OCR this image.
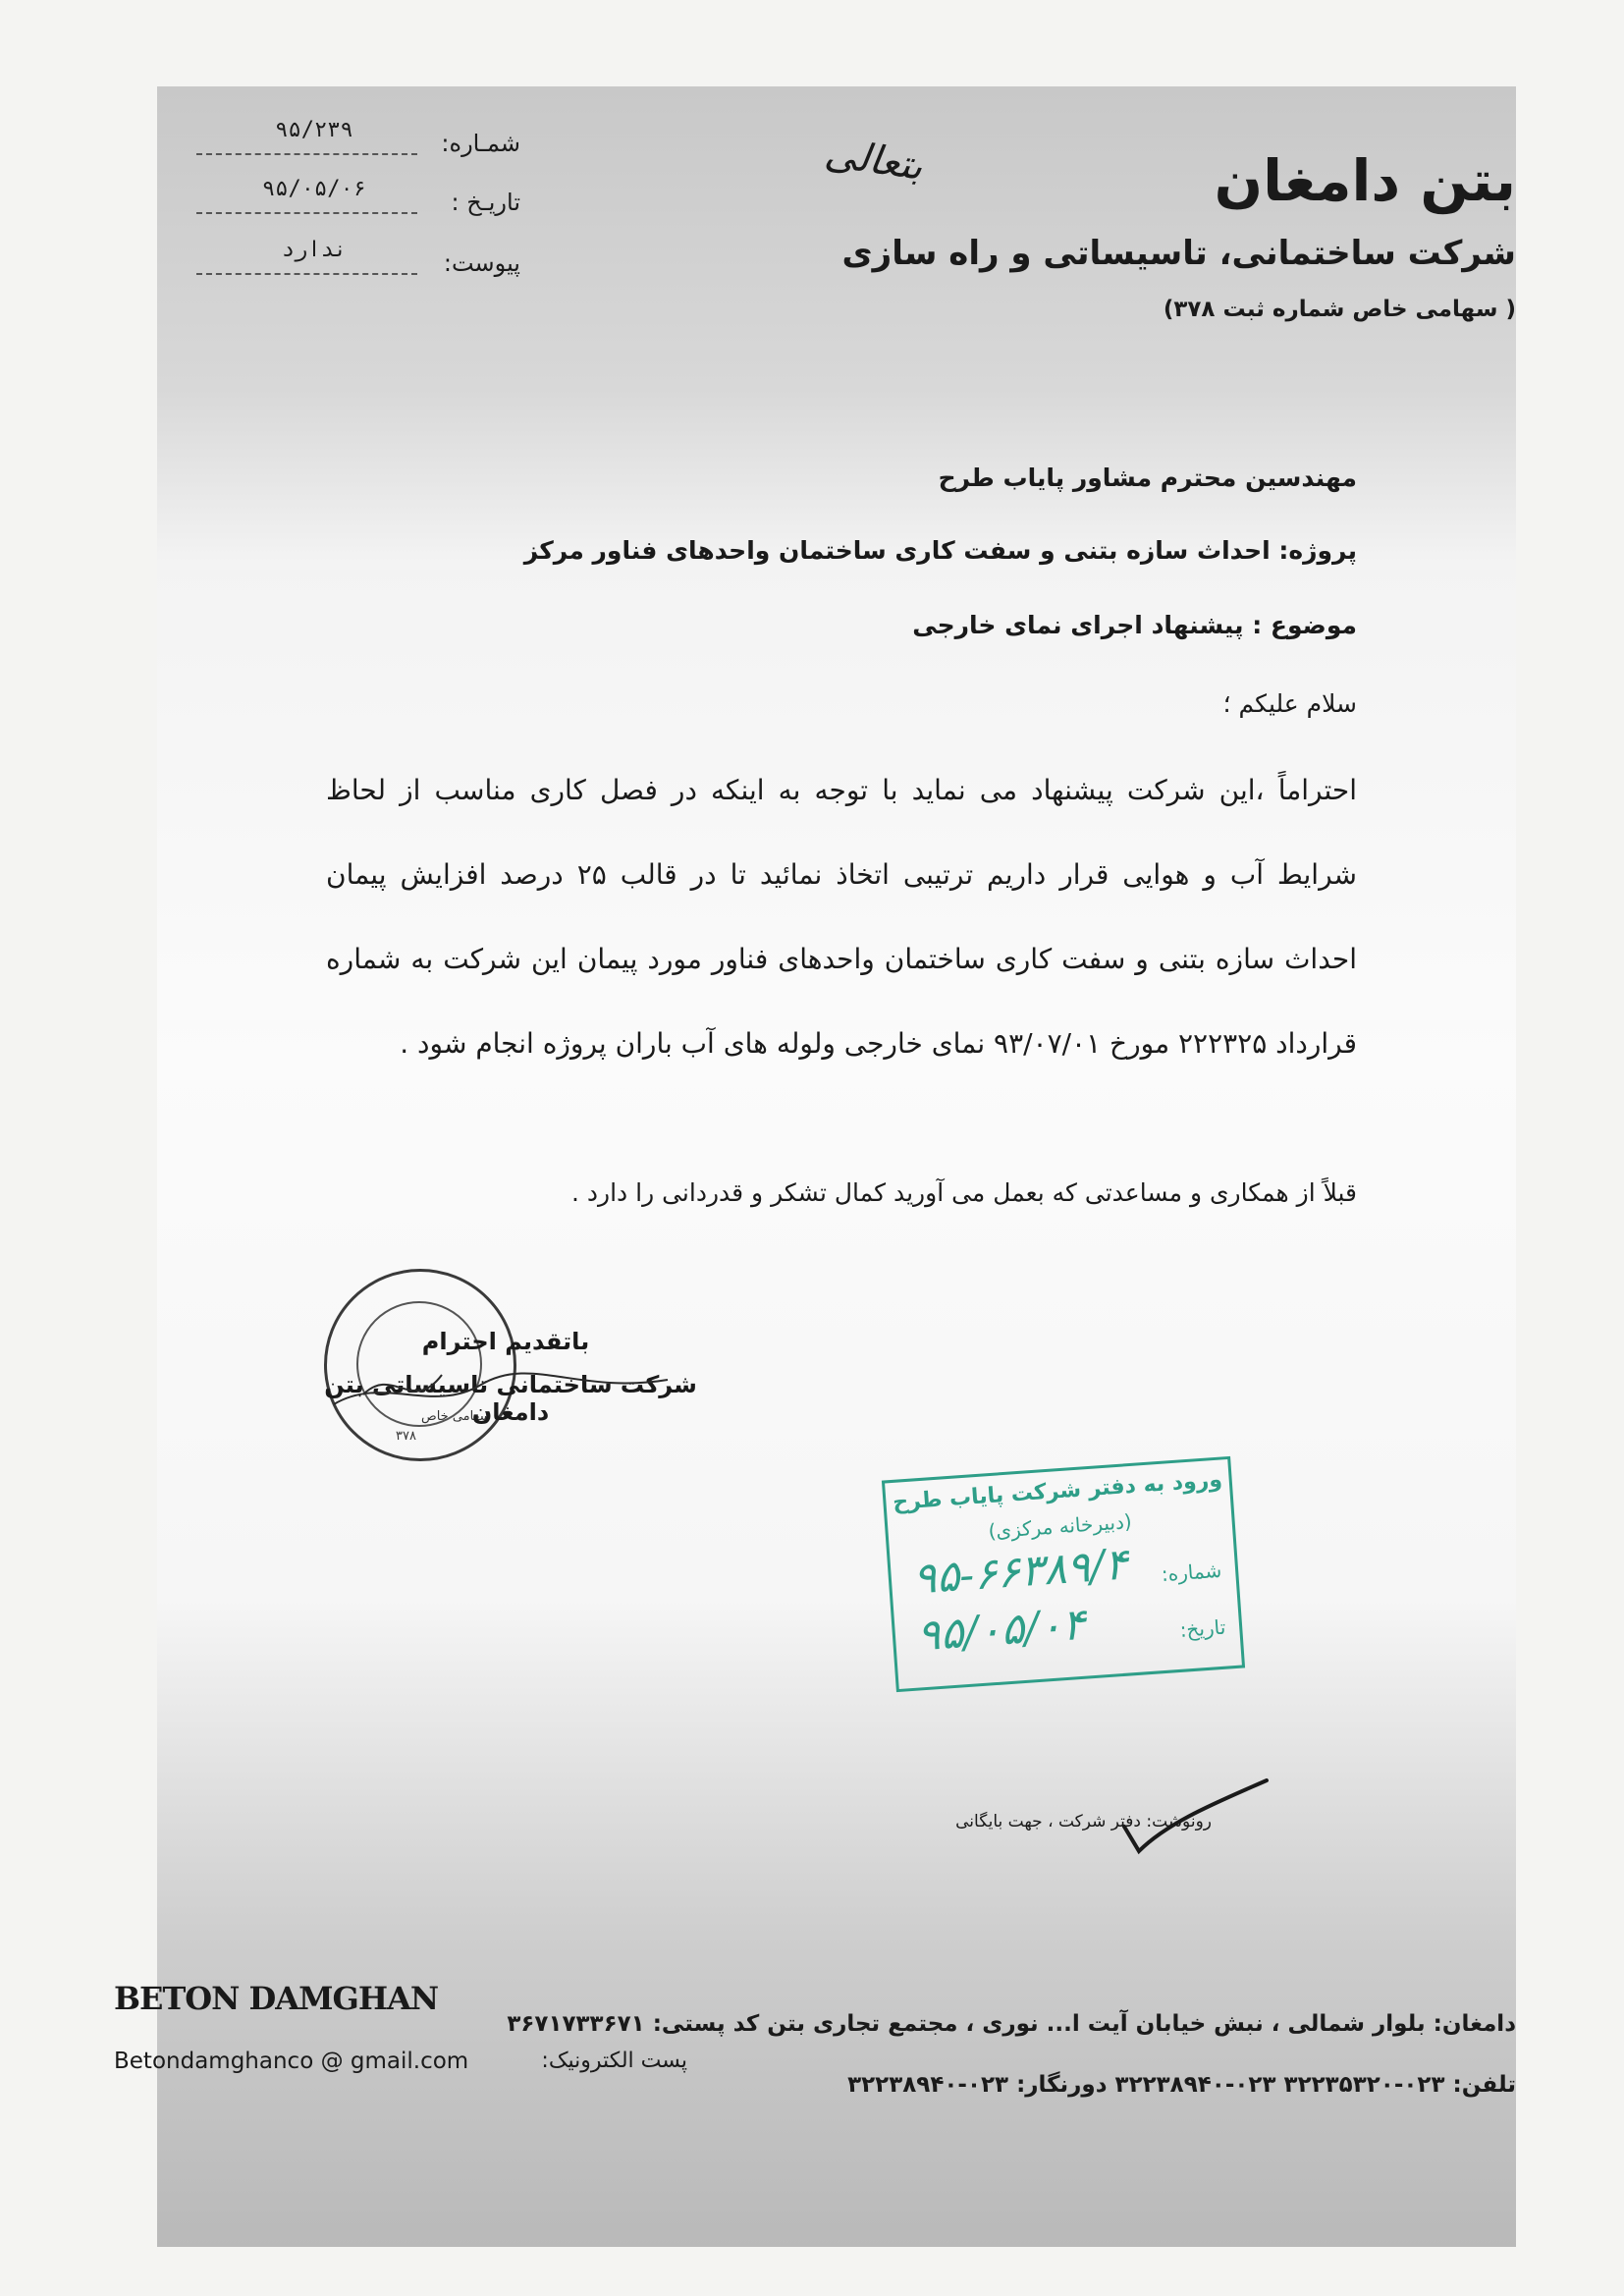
بتعالی	بتن دامغان
شرکت ساختمانی، تاسیساتی و راه سازی
( سهامی خاص شماره ثبت ۳۷۸)
۹۵/۲۳۹	شمـاره:
۹۵/۰۵/۰۶	تاریـخ :
ندارد	پیوست:
مهندسین محترم مشاور پایاب طرح
پروژه: احداث سازه بتنی و سفت کاری ساختمان واحدهای فناور مرکز
موضوع : پیشنهاد اجرای نمای خارجی
سلام علیکم ؛
احتراماً ،این شرکت پیشنهاد می نماید با توجه به اینکه در فصل کاری مناسب از لحاظ شرایط آب و هوایی قرار داریم ترتیبی اتخاذ نمائید تا در قالب ۲۵ درصد افزایش پیمان احداث سازه بتنی و سفت کاری ساختمان واحدهای فناور مورد پیمان این شرکت به شماره قرارداد ۲۲۲۳۲۵ مورخ ۹۳/۰۷/۰۱ نمای خارجی ولوله های آب باران پروژه انجام شود .
قبلاً از همکاری و مساعدتی که بعمل می آورید کمال تشکر و قدردانی را دارد .
۳۷۸
سهامی خاص
باتقدیم احترام
شرکت ساختمانی تاسیساتی بتن دامغان
ورود به دفتر شرکت پایاب طرح
(دبیرخانه مرکزی)
شماره:
۹۵-۶۶۳۸۹/۴
تاریخ:
۹۵/۰۵/۰۴
رونوشت: دفتر شرکت ، جهت بایگانی
BETON DAMGHAN
Betondamghanco @ gmail.com	پست الکترونیک:
دامغان: بلوار شمالی ، نبش خیابان آیت ا... نوری ، مجتمع تجاری بتن کد پستی: ۳۶۷۱۷۳۳۶۷۱
تلفن: ۰۲۳-۳۲۲۳۵۳۲۰ ۰۲۳-۳۲۲۳۸۹۴۰ دورنگار: ۰۲۳-۳۲۲۳۸۹۴۰
